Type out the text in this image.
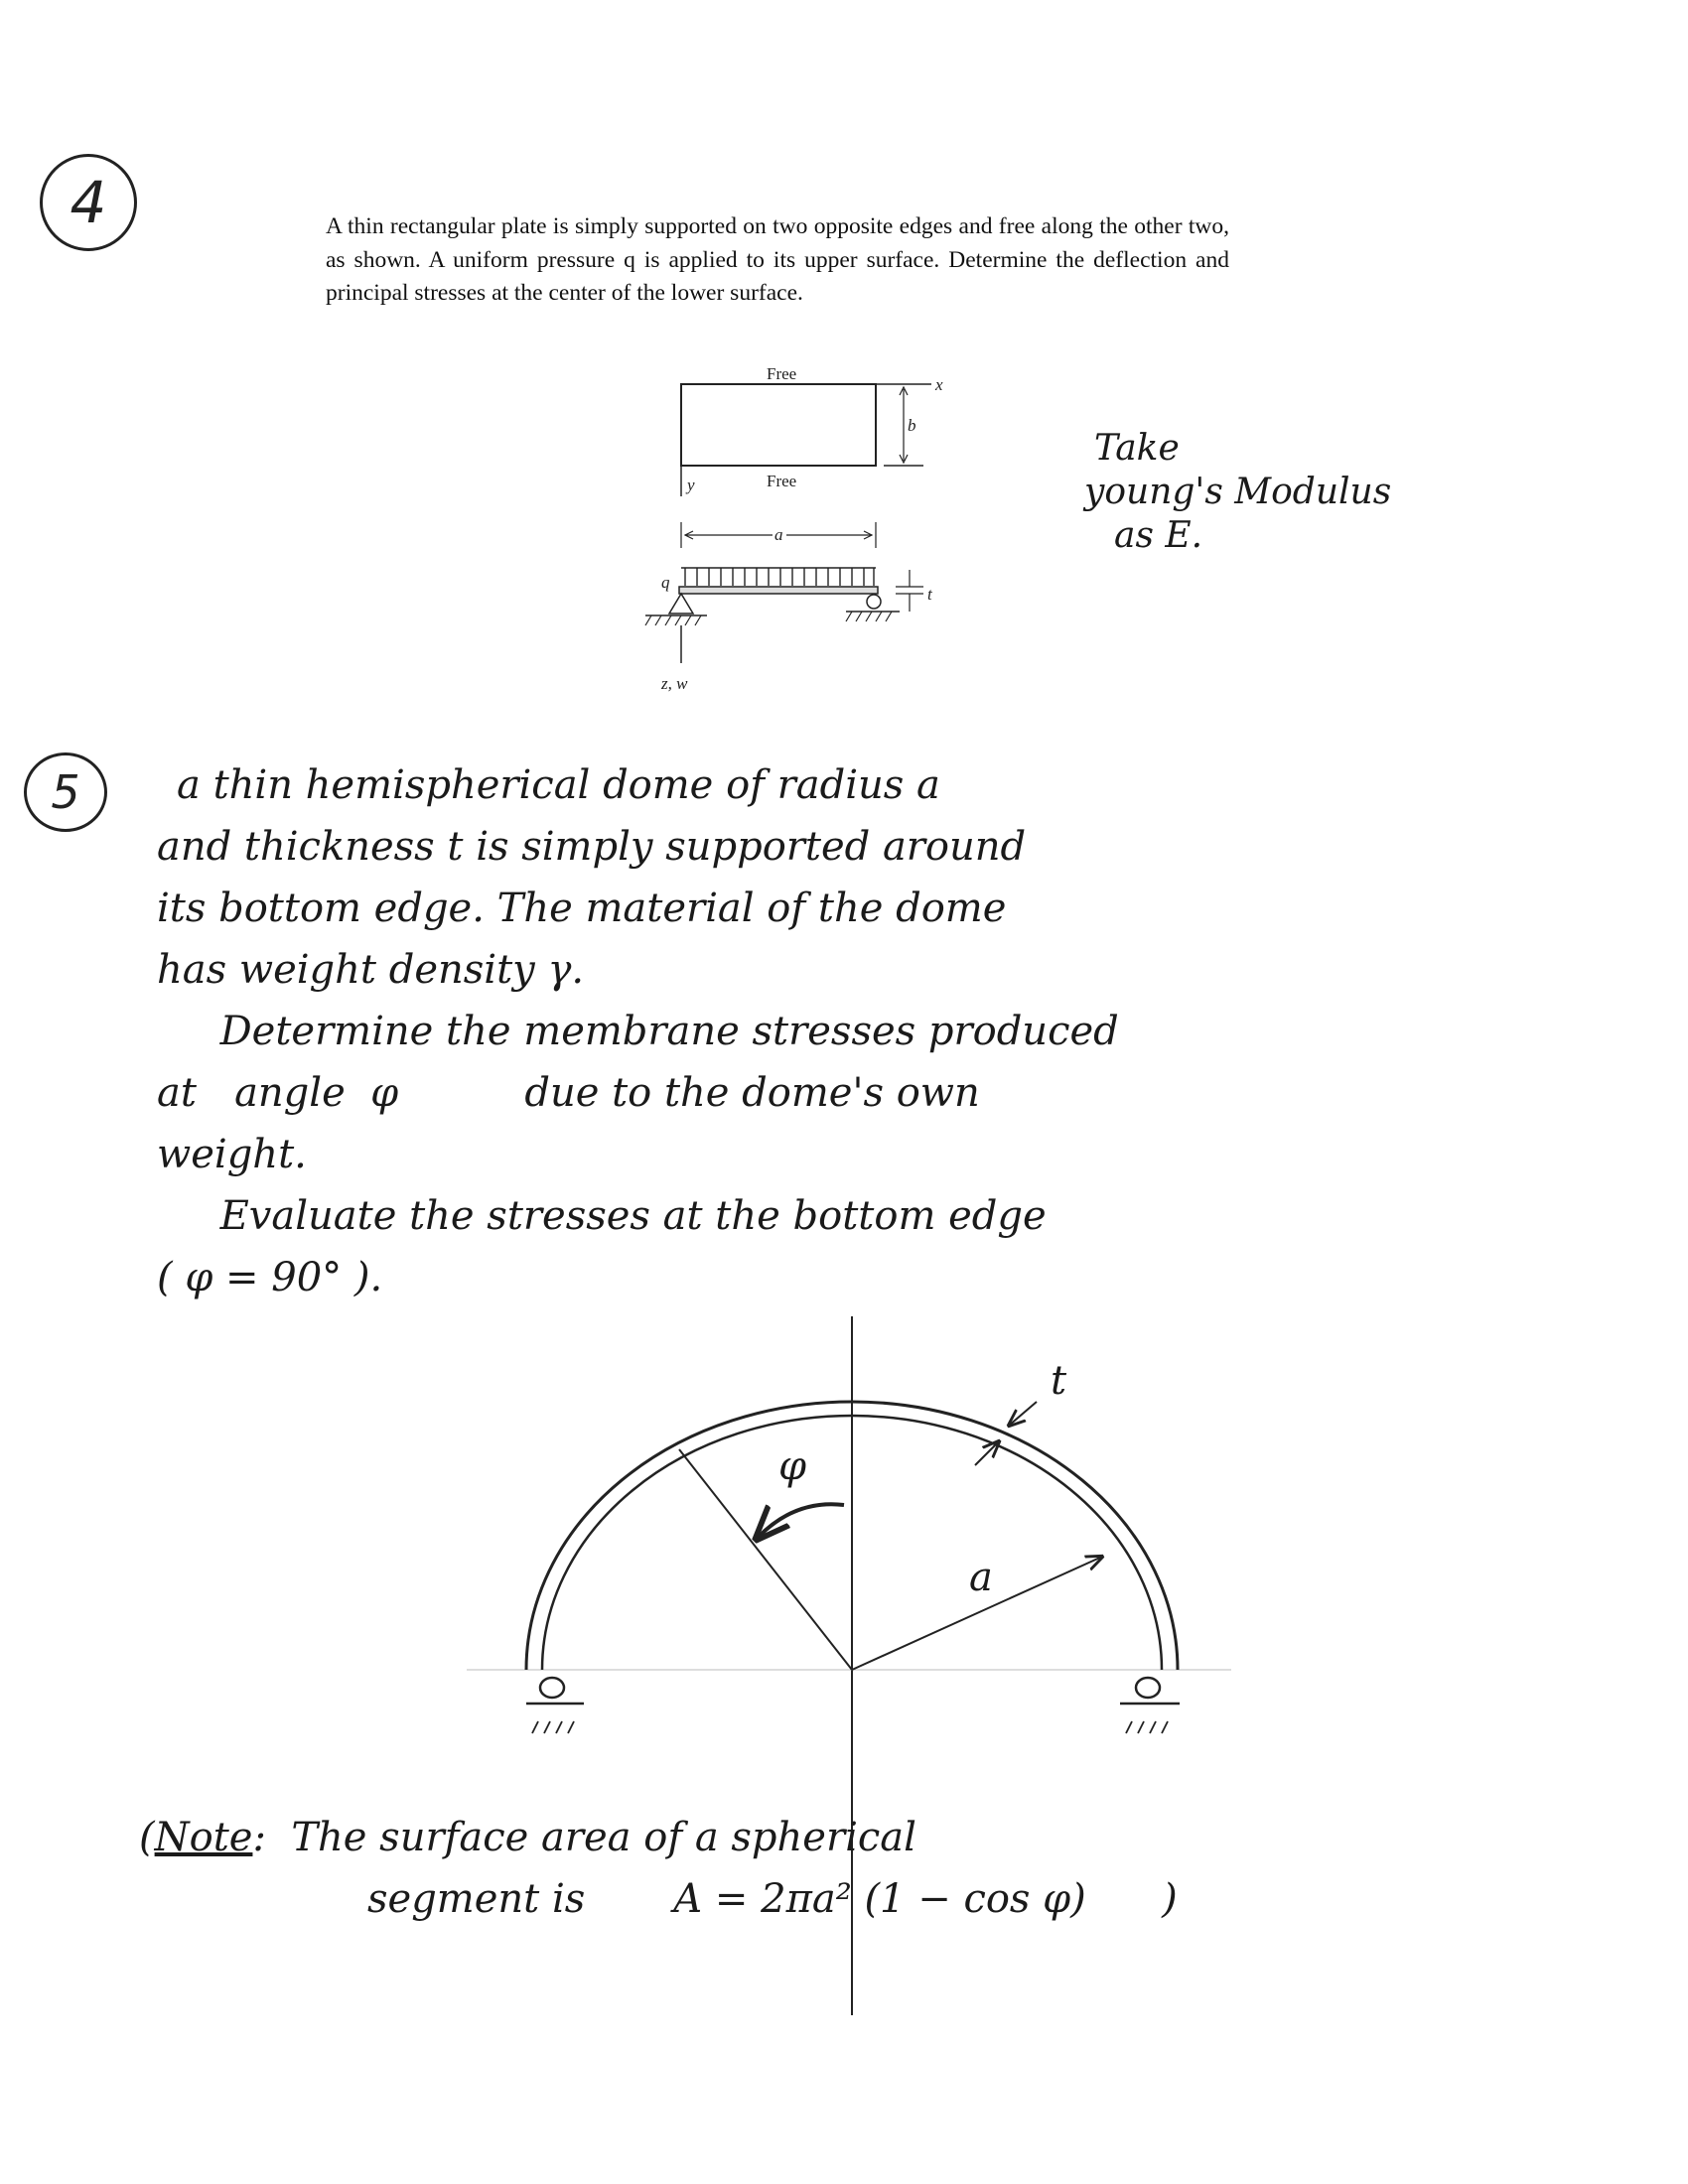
4	A thin rectangular plate is simply supported on two opposite edges and free along the other two, as shown. A uniform pressure q is applied to its upper surface. Determine the deflection and principal stresses at the center of the lower surface.
Free
Free
x
b
y
a
q
t
z, w
Take
young's Modulus
as E.
5	a thin hemispherical dome of radius a
and thickness t is simply supported around
its bottom edge. The material of the dome
has weight density γ.
Determine the membrane stresses produced
at   angle  φ          due to the dome's own
weight.
Evaluate the stresses at the bottom edge
( φ = 90° ).
φ
a
t
(Note:  The surface area of a spherical
segment is       A = 2πa² (1 − cos φ)      )
